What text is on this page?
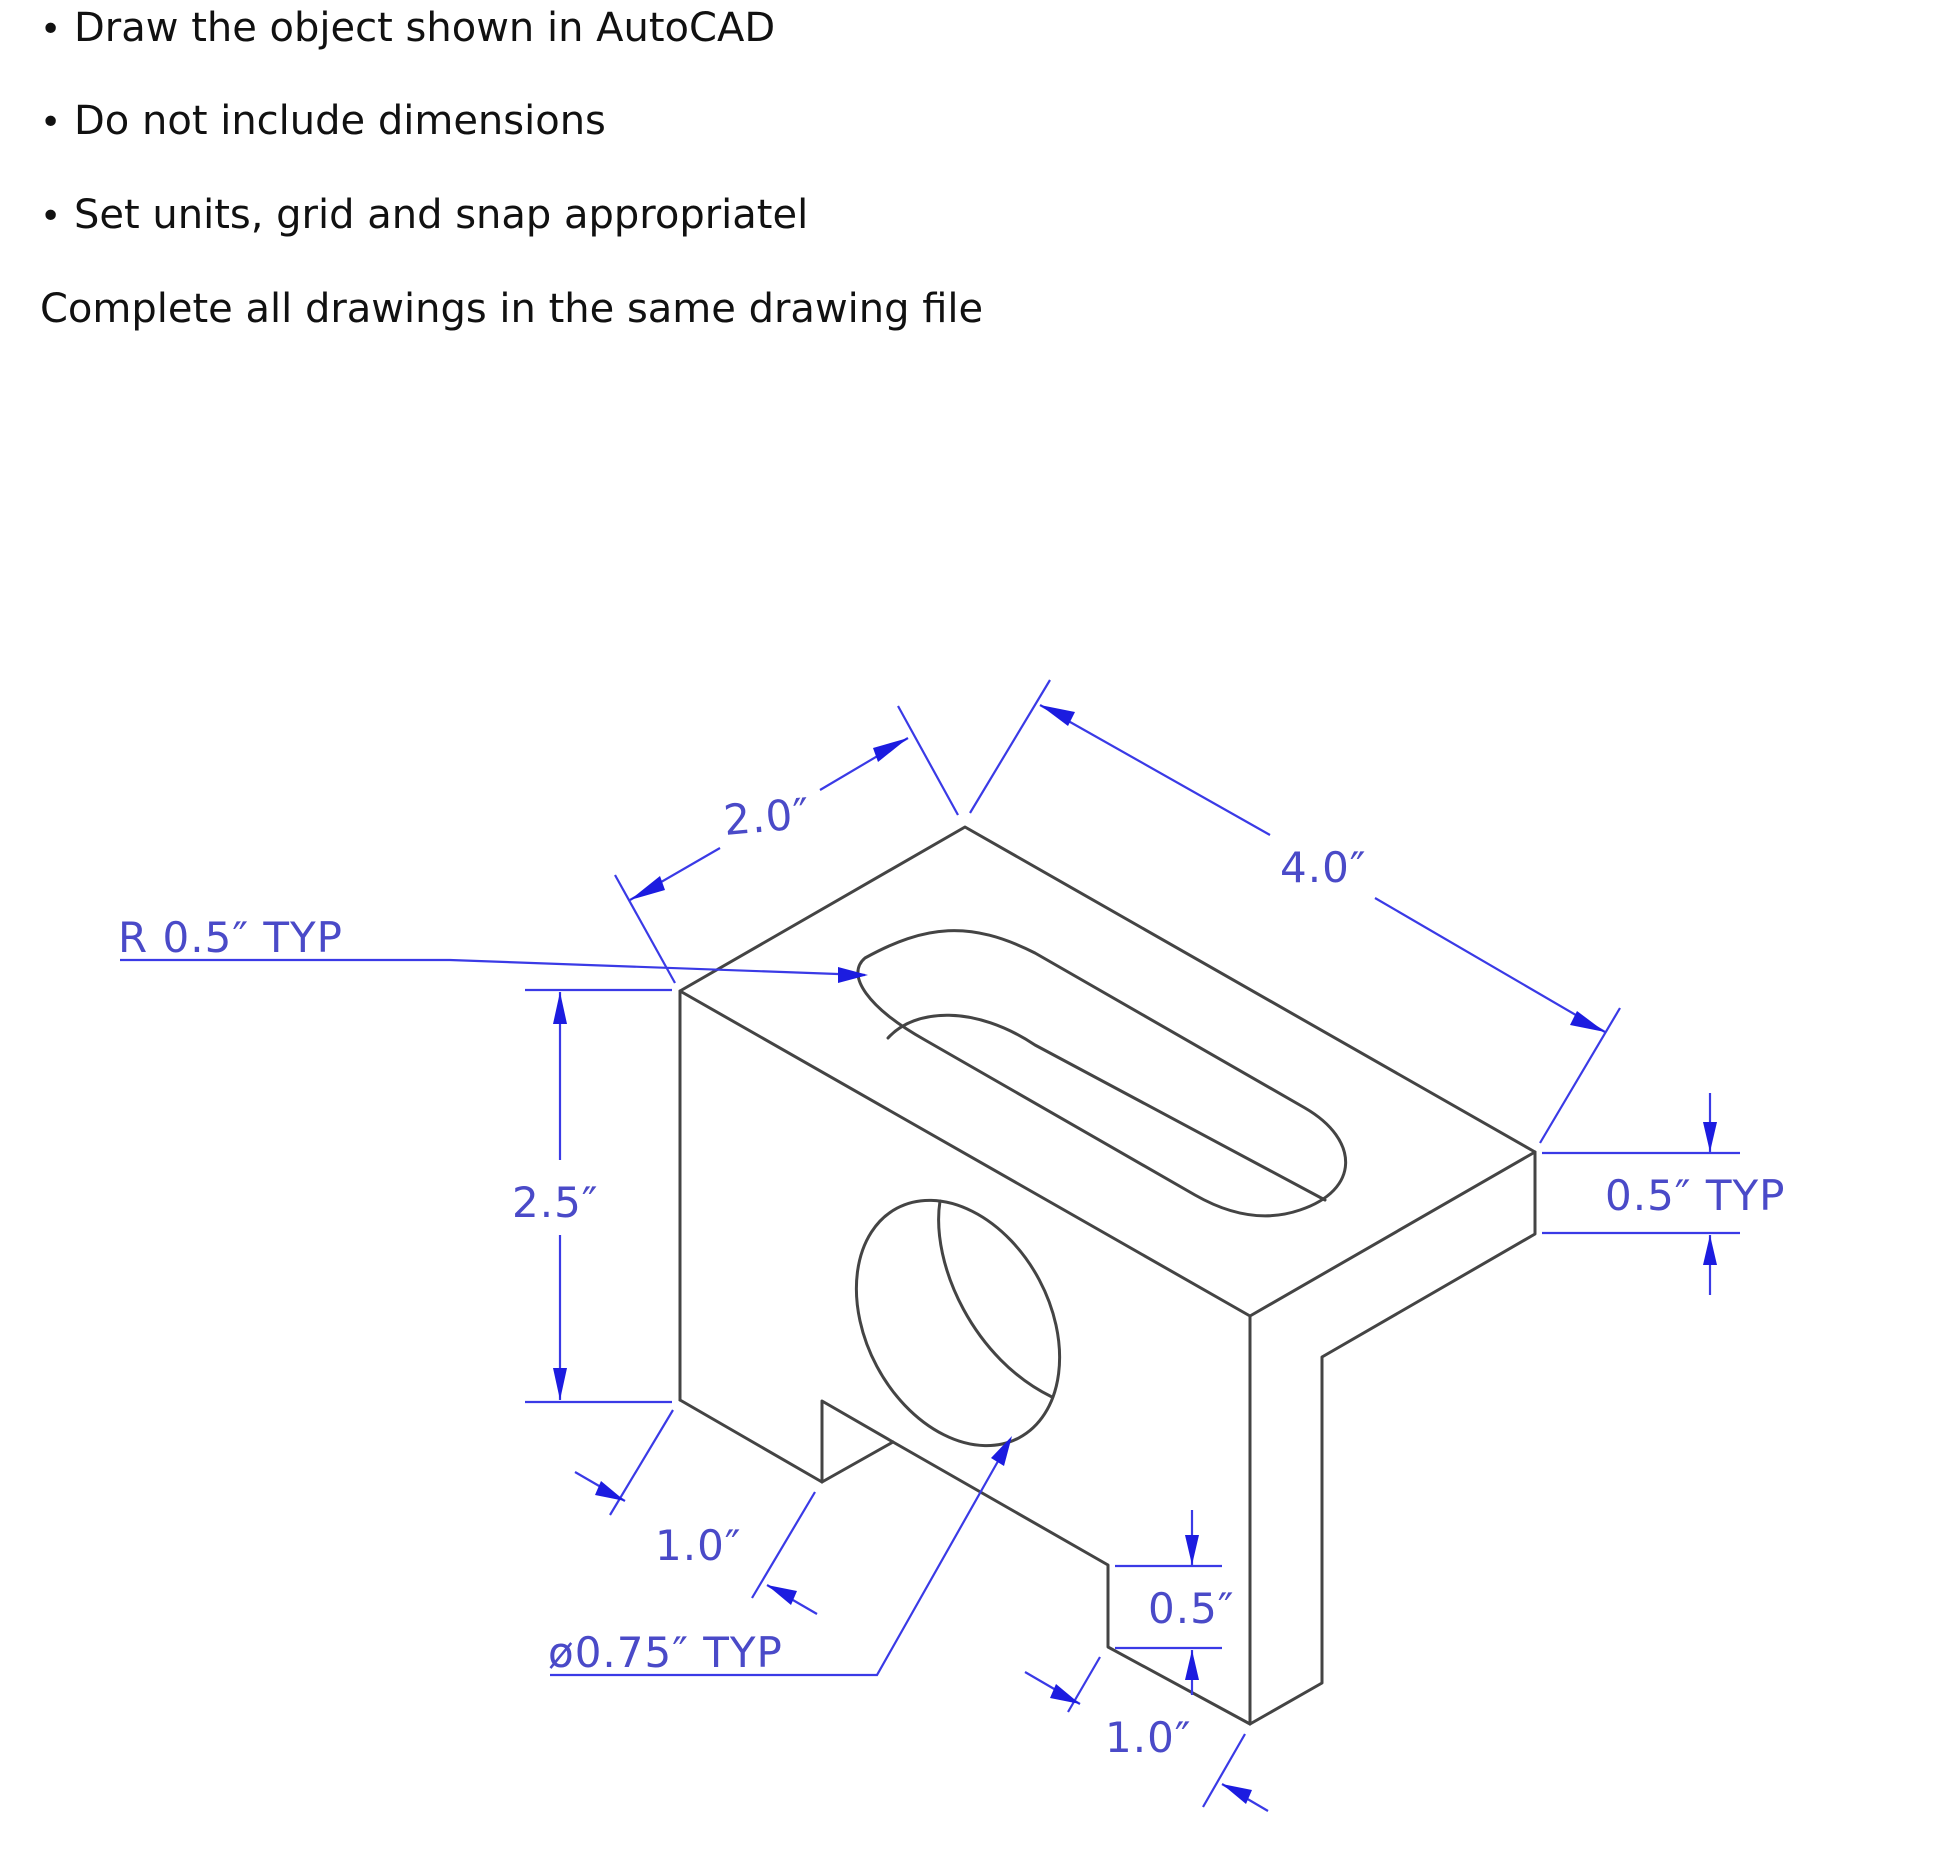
• Draw the object shown in AutoCAD
• Do not include dimensions
• Set units, grid and snap appropriatel
Complete all drawings in the same drawing file
2.0″
4.0″
R 0.5″ TYP
2.5″	0.5″ TYP
1.0″
ø0.75″ TYP
0.5″
1.0″
